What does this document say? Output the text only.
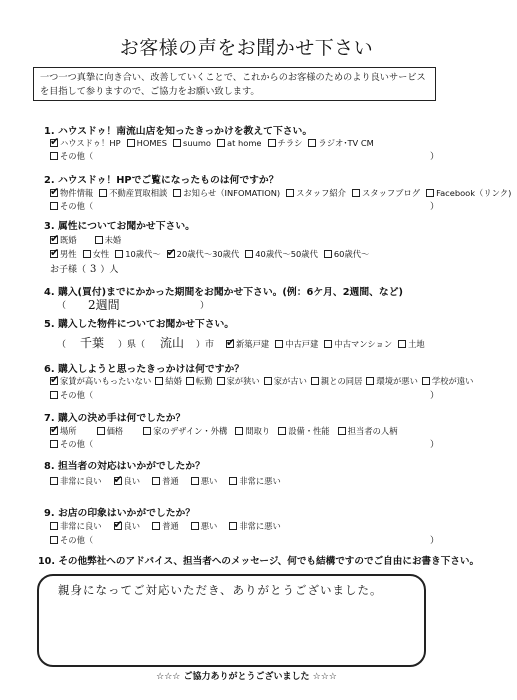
お客様の声をお聞かせ下さい
一つ一つ真摯に向き合い、改善していくことで、これからのお客様のためのより良いサービスを目指して参りますので、ご協力をお願い致します。
1. ハウスドゥ！南流山店を知ったきっかけを教えて下さい。
✔
ハウスドゥ！HP HOMES suumo at home チラシ ラジオ･TV CM
その他（	）
2. ハウスドゥ！HPでご覧になったものは何ですか？
✔
物件情報 不動産買取相談 お知らせ（INFOMATION) スタッフ紹介 スタッフブログ Facebook（リンク)
その他（	）
3. 属性についてお聞かせ下さい。
✔
既婚	未婚
✔
男性 女性 10歳代～ ✔ 20歳代～30歳代 40歳代～50歳代 60歳代～
お子様（ 3 ）人
4. 購入(買付)までにかかった期間をお聞かせ下さい。(例：6ケ月、2週間、など)
（ 2週間	）
5. 購入した物件についてお聞かせ下さい。
（ 千葉 ）県（ 流山 ）市 ✔	新築戸建 中古戸建 中古マンション 土地
6. 購入しようと思ったきっかけは何ですか？
✔
家賃が高いもったいない 結婚 転勤 家が狭い 家が古い 親との同居 環境が悪い 学校が遠い
その他（	）
7. 購入の決め手は何でしたか？
✔
場所	価格	家のデザイン・外構 間取り 設備・性能 担当者の人柄
その他（	）
8. 担当者の対応はいかがでしたか？
非常に良い ✔	良い	普通	悪い	非常に悪い
9. お店の印象はいかがでしたか？
非常に良い ✔	良い	普通	悪い	非常に悪い
その他（	）
10. その他弊社へのアドバイス、担当者へのメッセージ、何でも結構ですのでご自由にお書き下さい。
親身になってご対応いただき、ありがとうございました。
☆☆☆ ご協力ありがとうございました ☆☆☆
